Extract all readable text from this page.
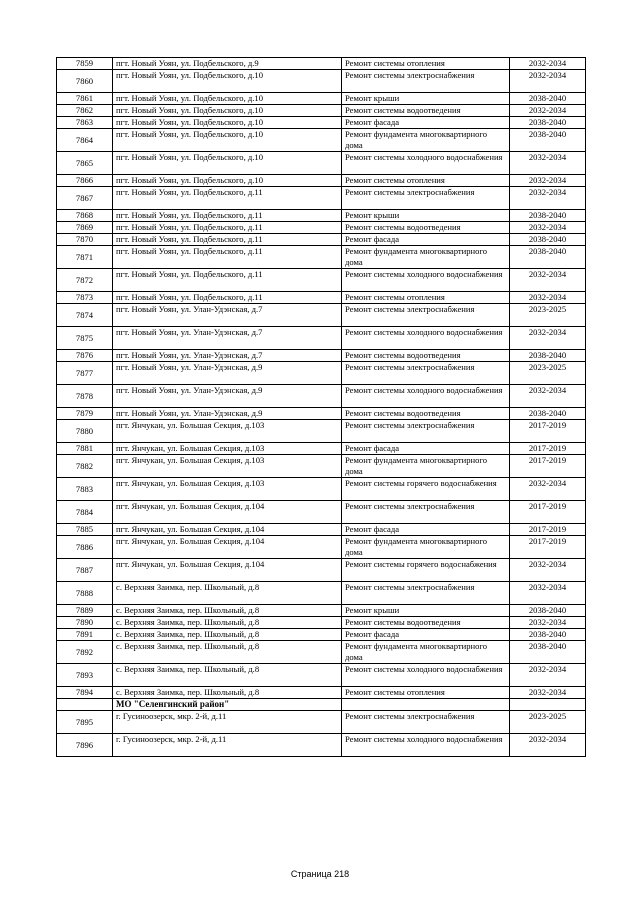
7859	пгт. Новый Уоян, ул. Подбельского, д.9	Ремонт системы отопления	2032-2034
7860	пгт. Новый Уоян, ул. Подбельского, д.10	Ремонт системы электроснабжения	2032-2034
7861	пгт. Новый Уоян, ул. Подбельского, д.10	Ремонт крыши	2038-2040
7862	пгт. Новый Уоян, ул. Подбельского, д.10	Ремонт системы водоотведения	2032-2034
7863	пгт. Новый Уоян, ул. Подбельского, д.10	Ремонт фасада	2038-2040
7864	пгт. Новый Уоян, ул. Подбельского, д.10	Ремонт фундамента многоквартирного дома	2038-2040
7865	пгт. Новый Уоян, ул. Подбельского, д.10	Ремонт системы холодного водоснабжения	2032-2034
7866	пгт. Новый Уоян, ул. Подбельского, д.10	Ремонт системы отопления	2032-2034
7867	пгт. Новый Уоян, ул. Подбельского, д.11	Ремонт системы электроснабжения	2032-2034
7868	пгт. Новый Уоян, ул. Подбельского, д.11	Ремонт крыши	2038-2040
7869	пгт. Новый Уоян, ул. Подбельского, д.11	Ремонт системы водоотведения	2032-2034
7870	пгт. Новый Уоян, ул. Подбельского, д.11	Ремонт фасада	2038-2040
7871	пгт. Новый Уоян, ул. Подбельского, д.11	Ремонт фундамента многоквартирного дома	2038-2040
7872	пгт. Новый Уоян, ул. Подбельского, д.11	Ремонт системы холодного водоснабжения	2032-2034
7873	пгт. Новый Уоян, ул. Подбельского, д.11	Ремонт системы отопления	2032-2034
7874	пгт. Новый Уоян, ул. Улан-Удэнская, д.7	Ремонт системы электроснабжения	2023-2025
7875	пгт. Новый Уоян, ул. Улан-Удэнская, д.7	Ремонт системы холодного водоснабжения	2032-2034
7876	пгт. Новый Уоян, ул. Улан-Удэнская, д.7	Ремонт системы водоотведения	2038-2040
7877	пгт. Новый Уоян, ул. Улан-Удэнская, д.9	Ремонт системы электроснабжения	2023-2025
7878	пгт. Новый Уоян, ул. Улан-Удэнская, д.9	Ремонт системы холодного водоснабжения	2032-2034
7879	пгт. Новый Уоян, ул. Улан-Удэнская, д.9	Ремонт системы водоотведения	2038-2040
7880	пгт. Янчукан, ул. Большая Секция, д.103	Ремонт системы электроснабжения	2017-2019
7881	пгт. Янчукан, ул. Большая Секция, д.103	Ремонт фасада	2017-2019
7882	пгт. Янчукан, ул. Большая Секция, д.103	Ремонт фундамента многоквартирного дома	2017-2019
7883	пгт. Янчукан, ул. Большая Секция, д.103	Ремонт системы горячего водоснабжения	2032-2034
7884	пгт. Янчукан, ул. Большая Секция, д.104	Ремонт системы электроснабжения	2017-2019
7885	пгт. Янчукан, ул. Большая Секция, д.104	Ремонт фасада	2017-2019
7886	пгт. Янчукан, ул. Большая Секция, д.104	Ремонт фундамента многоквартирного дома	2017-2019
7887	пгт. Янчукан, ул. Большая Секция, д.104	Ремонт системы горячего водоснабжения	2032-2034
7888	с. Верхняя Заимка, пер. Школьный, д.8	Ремонт системы электроснабжения	2032-2034
7889	с. Верхняя Заимка, пер. Школьный, д.8	Ремонт крыши	2038-2040
7890	с. Верхняя Заимка, пер. Школьный, д.8	Ремонт системы водоотведения	2032-2034
7891	с. Верхняя Заимка, пер. Школьный, д.8	Ремонт фасада	2038-2040
7892	с. Верхняя Заимка, пер. Школьный, д.8	Ремонт фундамента многоквартирного дома	2038-2040
7893	с. Верхняя Заимка, пер. Школьный, д.8	Ремонт системы холодного водоснабжения	2032-2034
7894	с. Верхняя Заимка, пер. Школьный, д.8	Ремонт системы отопления	2032-2034
	МО "Селенгинский район"		
7895	г. Гусиноозерск, мкр. 2-й, д.11	Ремонт системы электроснабжения	2023-2025
7896	г. Гусиноозерск, мкр. 2-й, д.11	Ремонт системы холодного водоснабжения	2032-2034
Страница 218
